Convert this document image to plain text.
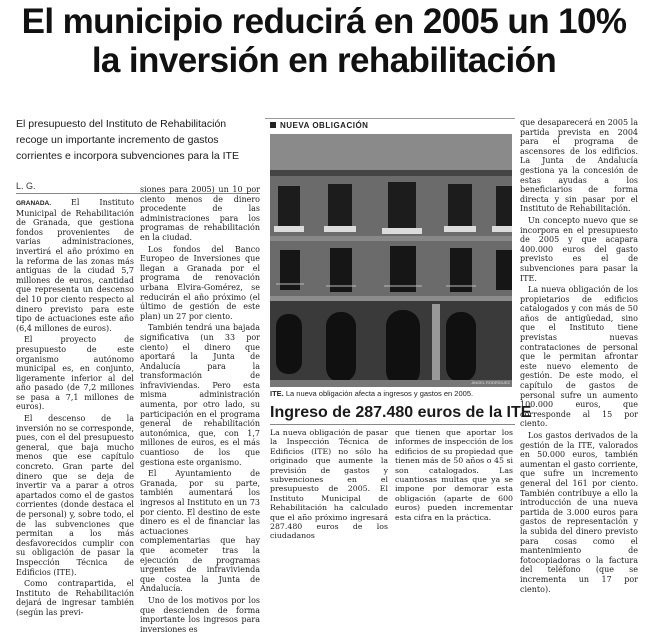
El municipio reducirá en 2005 un 10% la inversión en rehabilitación

El presupuesto del Instituto de Rehabilitación recoge un importante incremento de gastos corrientes e incorpora subvenciones para la ITE

L. G.

GRANADA.	El Instituto Municipal de Rehabilitación de Granada, que gestiona fondos provenientes de varias administraciones, invertirá el año próximo en la reforma de las zonas más antiguas de la ciudad 5,7 millones de euros, cantidad que representa un descenso del 10 por ciento respecto al dinero previsto para este tipo de actuaciones este año (6,4 millones de euros).

El proyecto de presupuesto de este organismo autónomo municipal es, en conjunto, ligeramente inferior al del año pasado (de 7,2 millones se pasa a 7,1 millones de euros).

El descenso de la inversión no se corresponde, pues, con el del presupuesto general, que baja mucho menos que ese capítulo concreto. Gran parte del dinero que se deja de invertir va a parar a otros apartados como el de gastos corrientes (donde destaca el de personal) y, sobre todo, el de las subvenciones que permitan a los más desfavorecidos cumplir con su obligación de pasar la Inspección Técnica de Edificios (ITE).

Como contrapartida, el Instituto de Rehabilitación dejará de ingresar también (según las previ-

siones para 2005) un 10 por ciento menos de dinero procedente de las administraciones para los programas de rehabilitación en la ciudad.

Los fondos del Banco Europeo de Inversiones que llegan a Granada por el programa de renovación urbana Elvira-Gomérez, se reducirán el año próximo (el último de gestión de este plan) un 27 por ciento.

También tendrá una bajada significativa (un 33 por ciento) el dinero que aportará la Junta de Andalucía para la transformación de infraviviendas. Pero esta misma administración aumenta, por otro lado, su participación en el programa general de rehabilitación autonómica, que, con 1,7 millones de euros, es el más cuantioso de los que gestiona este organismo.

El Ayuntamiento de Granada, por su parte, también aumentará los ingresos al Instituto en un 73 por ciento. El destino de este dinero es el de financiar las actuaciones complementarias que hay que acometer tras la ejecución de programas urgentes de infravivienda que costea la Junta de Andalucía.

Uno de los motivos por los que descienden de forma importante los ingresos para inversiones es

NUEVA OBLIGACIÓN
ÁNGEL RODRÍGUEZ
ITE. La nueva obligación afecta a ingresos y gastos en 2005.
Ingreso de 287.480 euros de la ITE

La nueva obligación de pasar la Inspección Técnica de Edificios (ITE) no sólo ha originado que aumente la previsión de gastos y subvenciones en el presupuesto de 2005. El Instituto Municipal de Rehabilitación ha calculado que el año próximo ingresará 287.480 euros de los ciudadanos

que tienen que aportar los informes de inspección de los edificios de su propiedad que tienen más de 50 años o 45 si son catalogados. Las cuantiosas multas que ya se impone por demorar esta obligación (aparte de 600 euros) pueden incrementar esta cifra en la práctica.

que desaparecerá en 2005 la partida prevista en 2004 para el programa de ascensores de los edificios. La Junta de Andalucía gestiona ya la concesión de estas ayudas a los beneficiarios de forma directa y sin pasar por el Instituto de Rehabilitación.

Un concepto nuevo que se incorpora en el presupuesto de 2005 y que acapara 400.000 euros del gasto previsto es el de subvenciones para pasar la ITE.

La nueva obligación de los propietarios de edificios catalogados y con más de 50 años de antigüedad, sino que el Instituto tiene previstas nuevas contrataciones de personal que le permitan afrontar este nuevo elemento de gestión. De este modo, el capítulo de gastos de personal sufre un aumento 100.000 euros, que corresponde al 15 por ciento.

Los gastos derivados de la gestión de la ITE, valorados en 50.000 euros, también aumentan el gasto corriente, que sufre un incremento general del 161 por ciento. También contribuye a ello la introducción de una nueva partida de 3.000 euros para gastos de representación y la subida del dinero previsto para cosas como el mantenimiento de fotocopiadoras o la factura del teléfono (que se incrementa un 17 por ciento).
